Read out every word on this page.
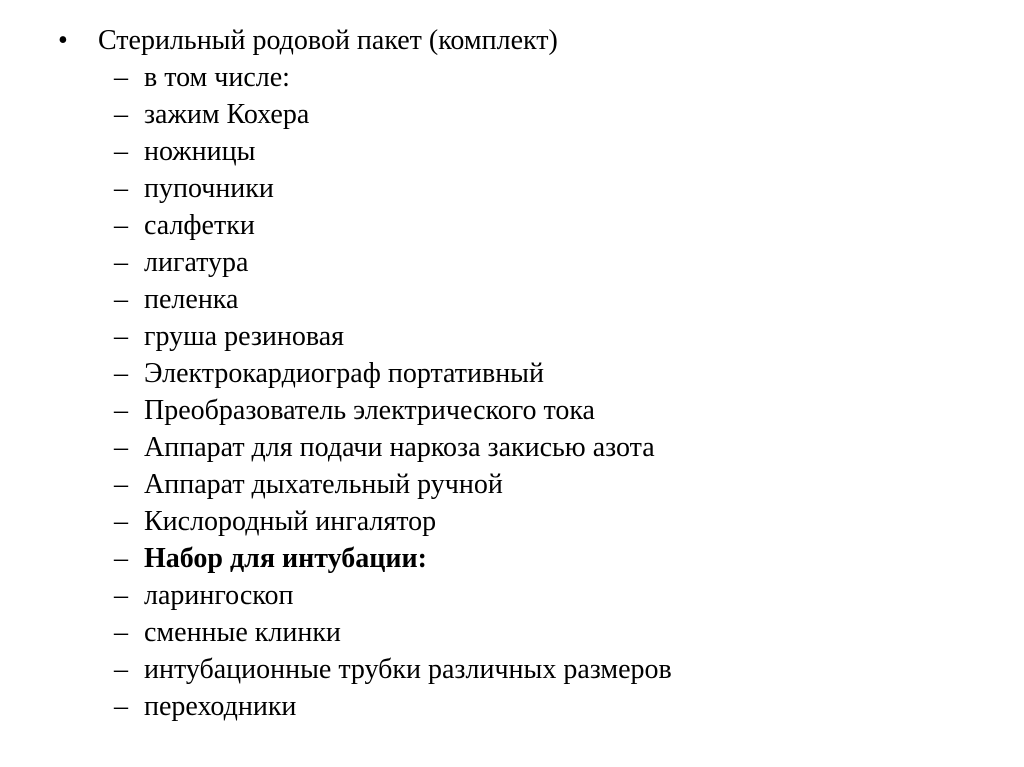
• Стерильный родовой пакет (комплект)
– в том числе:
– зажим Кохера
– ножницы
– пупочники
– салфетки
– лигатура
– пеленка
– груша резиновая
– Электрокардиограф портативный
– Преобразователь электрического тока
– Аппарат для подачи наркоза закисью азота
– Аппарат дыхательный ручной
– Кислородный ингалятор
– Набор для интубации:
– ларингоскоп
– сменные клинки
– интубационные трубки различных размеров
– переходники
